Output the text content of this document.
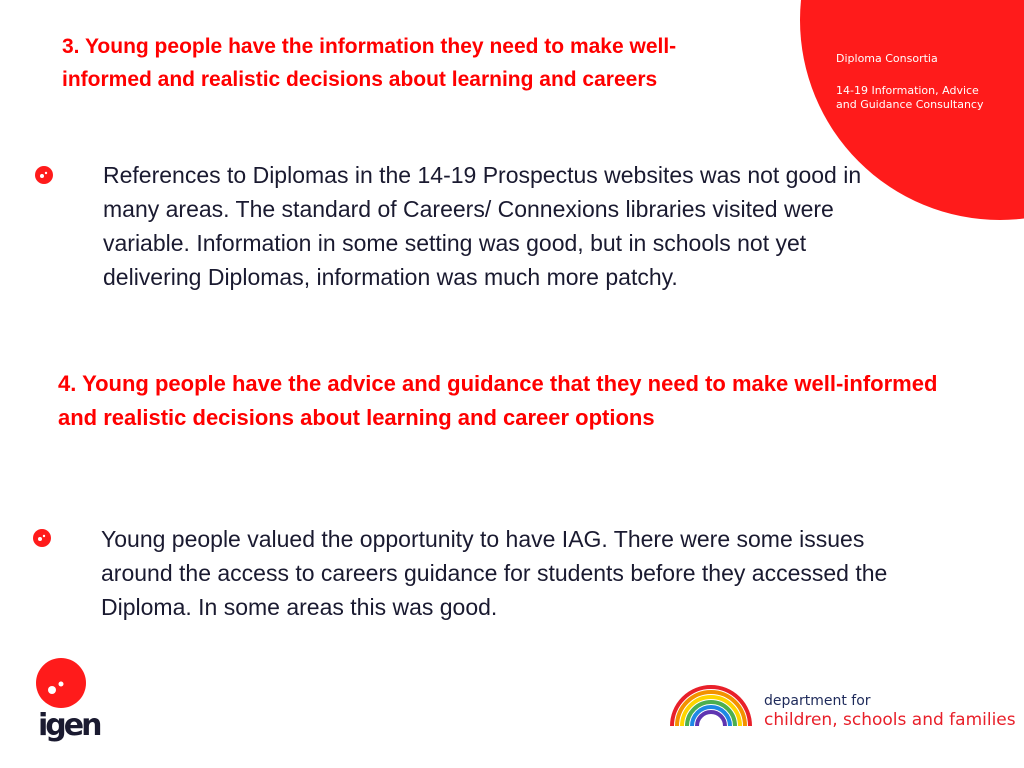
Diploma Consortia
14-19 Information, Advice
and Guidance Consultancy
3. Young people have the information they need to make well-informed and realistic decisions about learning and careers

References to Diplomas in the 14-19 Prospectus websites was not good in many areas. The standard of Careers/ Connexions libraries visited were variable. Information in some setting was good, but in schools not yet delivering Diplomas, information was much more patchy.

4. Young people have the advice and guidance that they need to make well-informed and realistic decisions about learning and career options

Young people valued the opportunity to have IAG. There were some issues around the access to careers guidance for students before they accessed the Diploma. In some areas this was good.

igen
department for
children, schools and families
